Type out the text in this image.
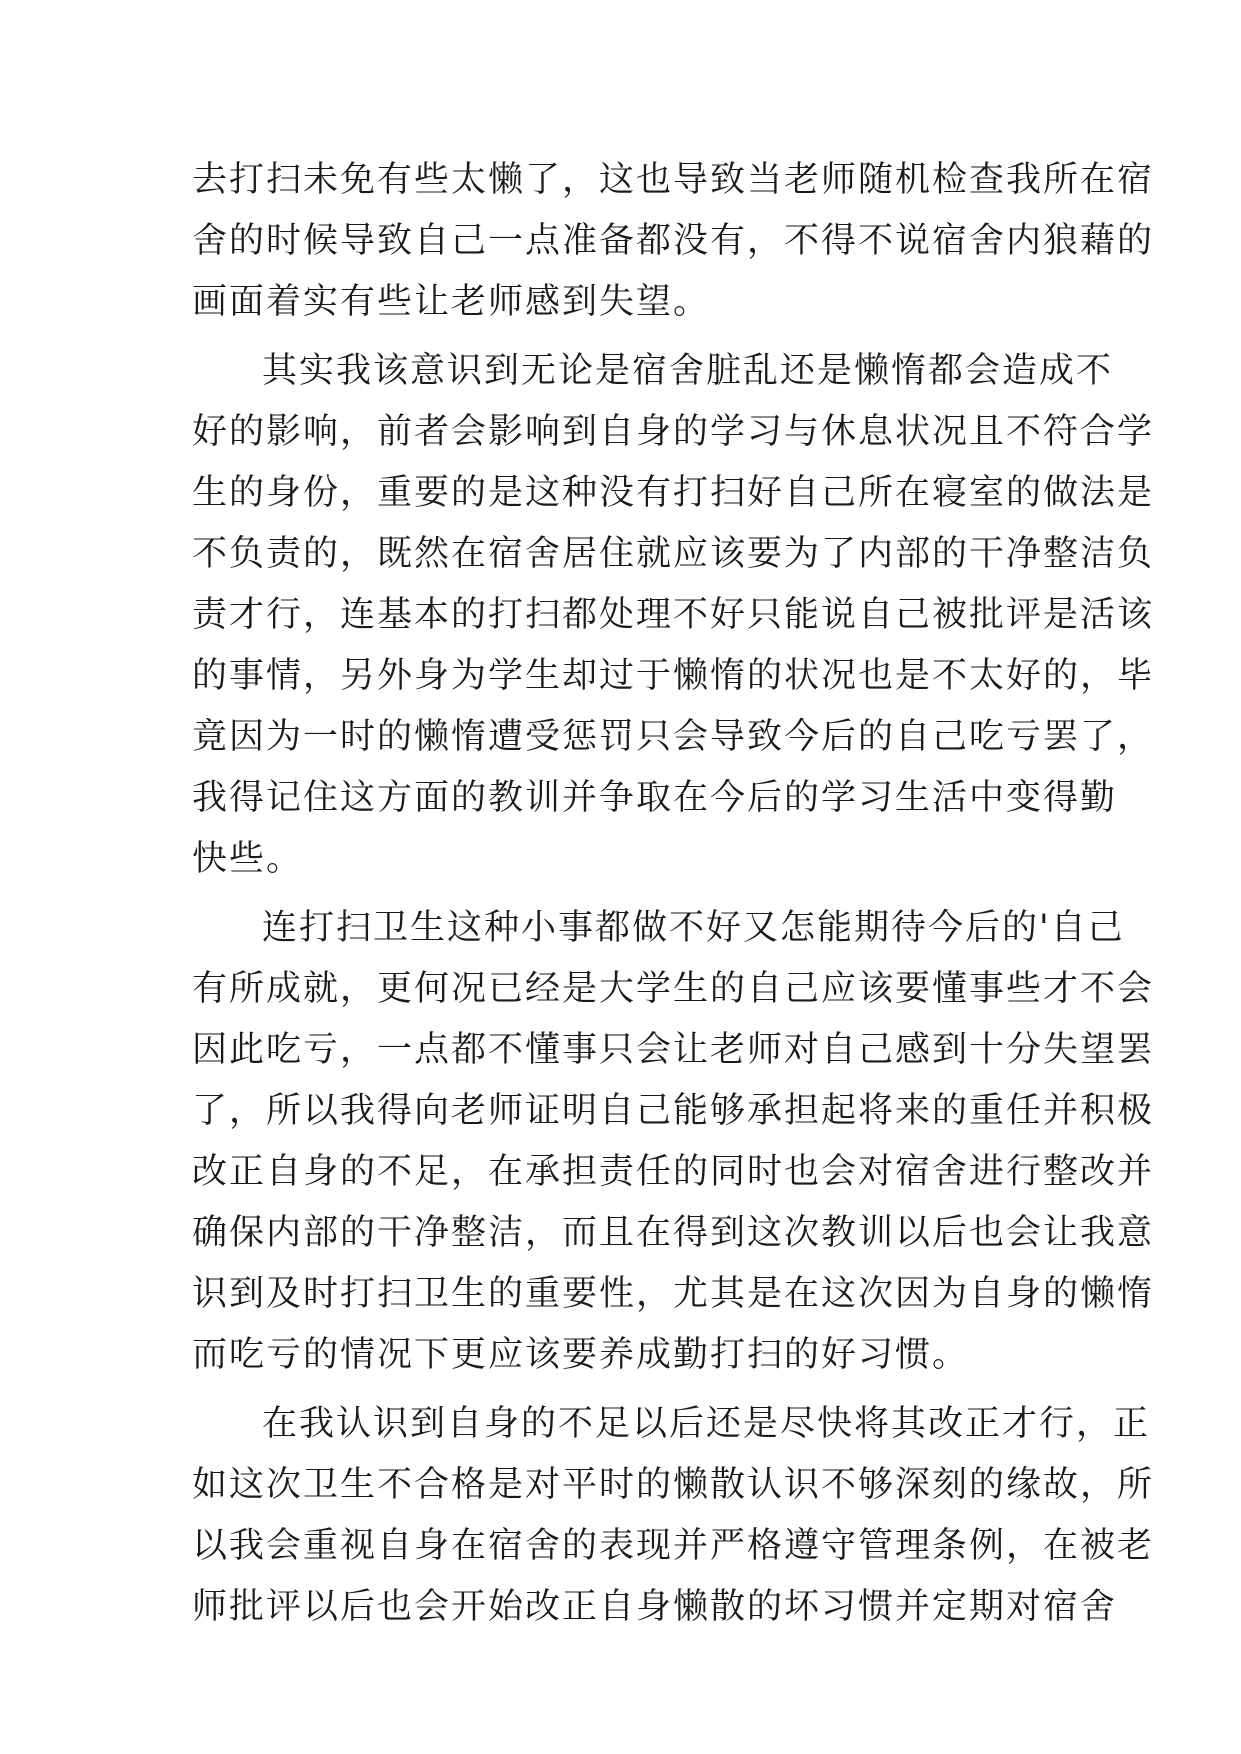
去打扫未免有些太懒了，这也导致当老师随机检查我所在宿
舍的时候导致自己一点准备都没有，不得不说宿舍内狼藉的
画面着实有些让老师感到失望。
其实我该意识到无论是宿舍脏乱还是懒惰都会造成不
好的影响，前者会影响到自身的学习与休息状况且不符合学
生的身份，重要的是这种没有打扫好自己所在寝室的做法是
不负责的，既然在宿舍居住就应该要为了内部的干净整洁负
责才行，连基本的打扫都处理不好只能说自己被批评是活该
的事情，另外身为学生却过于懒惰的状况也是不太好的，毕
竟因为一时的懒惰遭受惩罚只会导致今后的自己吃亏罢了，
我得记住这方面的教训并争取在今后的学习生活中变得勤
快些。
连打扫卫生这种小事都做不好又怎能期待今后的'自己
有所成就，更何况已经是大学生的自己应该要懂事些才不会
因此吃亏，一点都不懂事只会让老师对自己感到十分失望罢
了，所以我得向老师证明自己能够承担起将来的重任并积极
改正自身的不足，在承担责任的同时也会对宿舍进行整改并
确保内部的干净整洁，而且在得到这次教训以后也会让我意
识到及时打扫卫生的重要性，尤其是在这次因为自身的懒惰
而吃亏的情况下更应该要养成勤打扫的好习惯。
在我认识到自身的不足以后还是尽快将其改正才行，正
如这次卫生不合格是对平时的懒散认识不够深刻的缘故，所
以我会重视自身在宿舍的表现并严格遵守管理条例，在被老
师批评以后也会开始改正自身懒散的坏习惯并定期对宿舍
